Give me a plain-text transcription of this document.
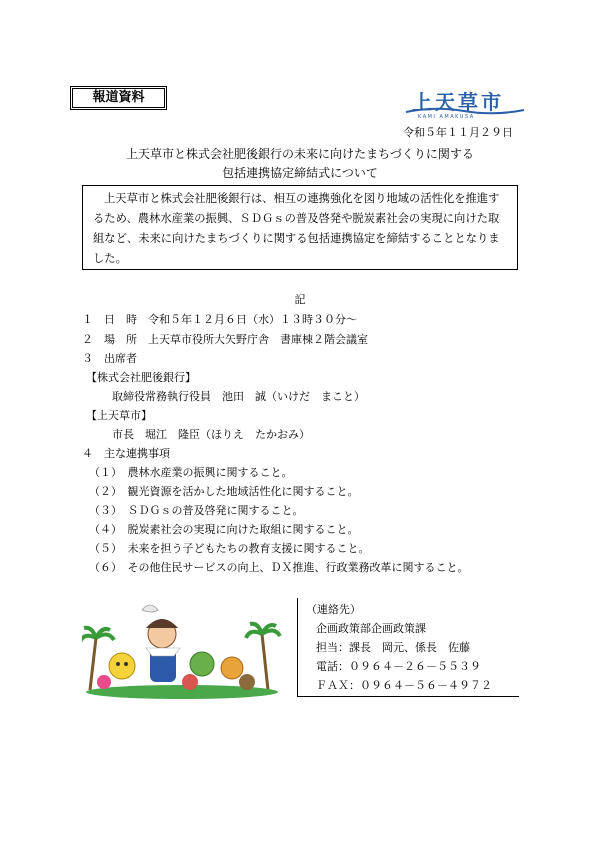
報道資料	上天草市
KAMI AMAKUSA
令和５年１１月２９日
上天草市と株式会社肥後銀行の未来に向けたまちづくりに関する
包括連携協定締結式について
上天草市と株式会社肥後銀行は、相互の連携強化を図り地域の活性化を推進するため、農林水産業の振興、ＳＤＧｓの普及啓発や脱炭素社会の実現に向けた取組など、未来に向けたまちづくりに関する包括連携協定を締結することとなりました。
記
１　日　時　令和５年１２月６日（水）１３時３０分～
２　場　所　上天草市役所大矢野庁舎　書庫棟２階会議室
３　出席者
【株式会社肥後銀行】
取締役常務執行役員　池田　誠（いけだ　まこと）
【上天草市】
市長　堀江　隆臣（ほりえ　たかおみ）
４　主な連携事項
（１）　農林水産業の振興に関すること。
（２）　観光資源を活かした地域活性化に関すること。
（３）　ＳＤＧｓの普及啓発に関すること。
（４）　脱炭素社会の実現に向けた取組に関すること。
（５）　未来を担う子どもたちの教育支援に関すること。
（６）　その他住民サービスの向上、ＤＸ推進、行政業務改革に関すること。
（連絡先）
企画政策部企画政策課
担当：課長　岡元、係長　佐藤
電話：０９６４－２６－５５３９
ＦＡＸ：０９６４－５６－４９７２
